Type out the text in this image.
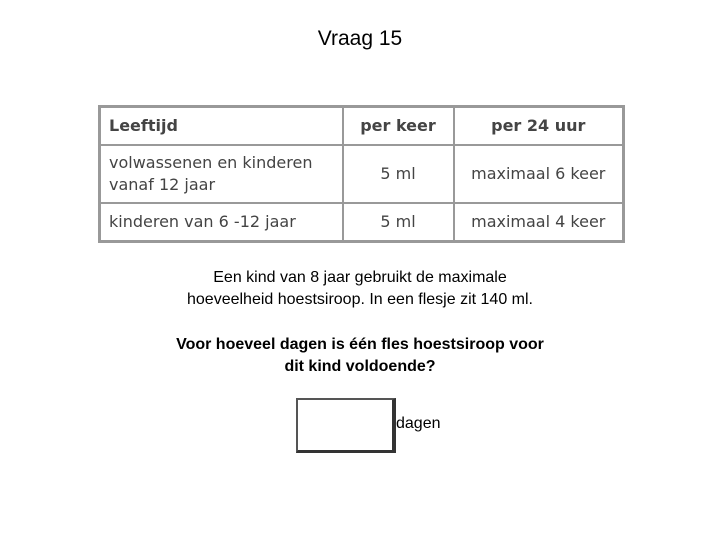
Vraag 15
Leeftijd	per keer	per 24 uur
volwassenen en kinderen
vanaf 12 jaar	5 ml	maximaal 6 keer
kinderen van 6 -12 jaar	5 ml	maximaal 4 keer

Een kind van 8 jaar gebruikt de maximale

hoeveelheid hoestsiroop. In een flesje zit 140 ml.

Voor hoeveel dagen is één fles hoestsiroop voor

dit kind voldoende?

dagen
